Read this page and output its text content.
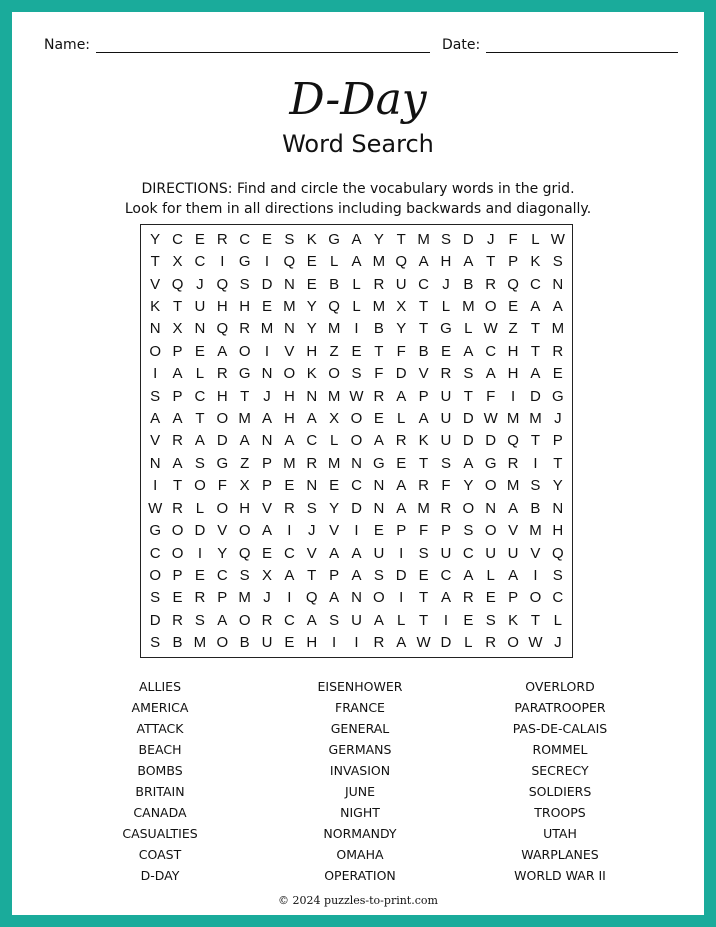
Name:	Date:
D-Day
Word Search
DIRECTIONS: Find and circle the vocabulary words in the grid.
Look for them in all directions including backwards and diagonally.
Y C E R C E S K G A Y T M S D J F L W
T X C I G I Q E L A M Q A H A T P K S
V Q J Q S D N E B L R U C J B R Q C N
K T U H H E M Y Q L M X T L M O E A A
N X N Q R M N Y M I	B Y T G L W Z T M
O P E A O I	V H Z E T F B E A C H T R
I	A L R G N O K O S F D V R S A H A E
S P C H T J H N M W R A P U T F	I D G
A A T O M A H A X O E L A U D W M M J
V R A D A N A C L O A R K U D D Q T P
N A S G Z P M R M N G E T S A G R I	T
I	T O F X P E N E C N A R F Y O M S Y
W R L O H V R S Y D N A M R O N A B N
G O D V O A	I	J V	I	E P F P S O V M H
C O I	Y Q E C V A A U I	S U C U U V Q
O P E C S X A T P A S D E C A L A	I	S
S E R P M J	I Q A N O I	T A R E P O C
D R S A O R C A S U A L T	I	E S K T L
S B M O B U E H I	I R A W D L R O W J
ALLIES
AMERICA
ATTACK
BEACH
BOMBS
BRITAIN
CANADA
CASUALTIES
COAST
D-DAY
EISENHOWER
FRANCE
GENERAL
GERMANS
INVASION
JUNE
NIGHT
NORMANDY
OMAHA
OPERATION
OVERLORD
PARATROOPER
PAS-DE-CALAIS
ROMMEL
SECRECY
SOLDIERS
TROOPS
UTAH
WARPLANES
WORLD WAR II
© 2024 puzzles-to-print.com
